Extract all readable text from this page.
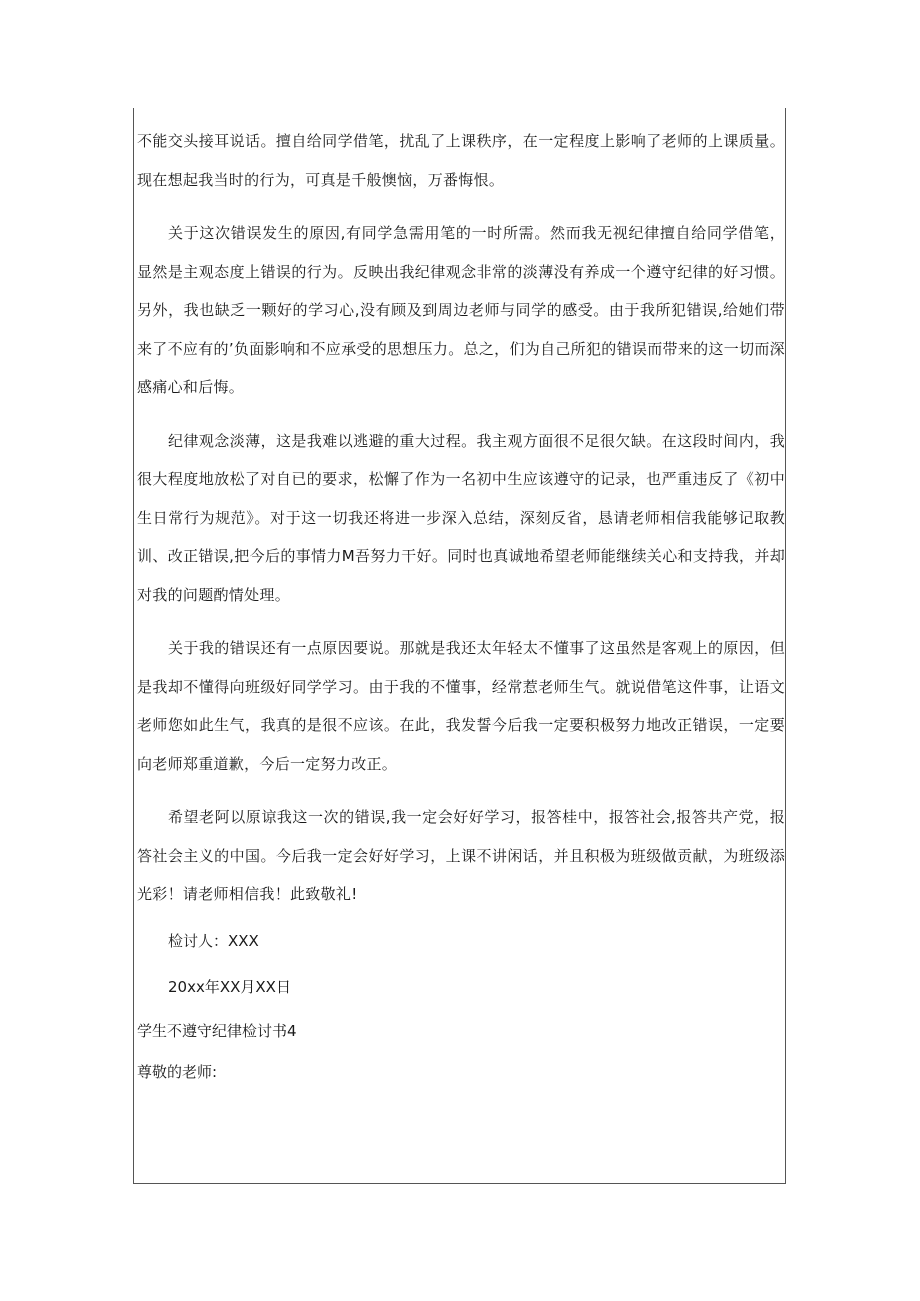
不能交头接耳说话。擅自给同学借笔，扰乱了上课秩序，在一定程度上影响了老师的上课质量。现在想起我当时的行为，可真是千般懊恼，万番悔恨。

关于这次错误发生的原因,有同学急需用笔的一时所需。然而我无视纪律擅自给同学借笔，显然是主观态度上错误的行为。反映出我纪律观念非常的淡薄没有养成一个遵守纪律的好习惯。另外，我也缺乏一颗好的学习心,没有顾及到周边老师与同学的感受。由于我所犯错误,给她们带来了不应有的’负面影响和不应承受的思想压力。总之，们为自己所犯的错误而带来的这一切而深感痛心和后悔。

纪律观念淡薄，这是我难以逃避的重大过程。我主观方面很不足很欠缺。在这段时间内，我很大程度地放松了对自已的要求，松懈了作为一名初中生应该遵守的记录，也严重违反了《初中生日常行为规范》。对于这一切我还将进一步深入总结，深刻反省，恳请老师相信我能够记取教训、改正错误,把今后的事情力M吾努力干好。同时也真诚地希望老师能继续关心和支持我，并却对我的问题酌情处理。

关于我的错误还有一点原因要说。那就是我还太年轻太不懂事了这虽然是客观上的原因，但是我却不懂得向班级好同学学习。由于我的不懂事，经常惹老师生气。就说借笔这件事，让语文老师您如此生气，我真的是很不应该。在此，我发誓今后我一定要积极努力地改正错误，一定要向老师郑重道歉，今后一定努力改正。

希望老阿以原谅我这一次的错误,我一定会好好学习，报答桂中，报答社会,报答共产党，报答社会主义的中国。今后我一定会好好学习，上课不讲闲话，并且积极为班级做贡献，为班级添光彩！请老师相信我！此致敬礼!

检讨人：XXX

20xx年XX月XX日

学生不遵守纪律检讨书4

尊敬的老师:
